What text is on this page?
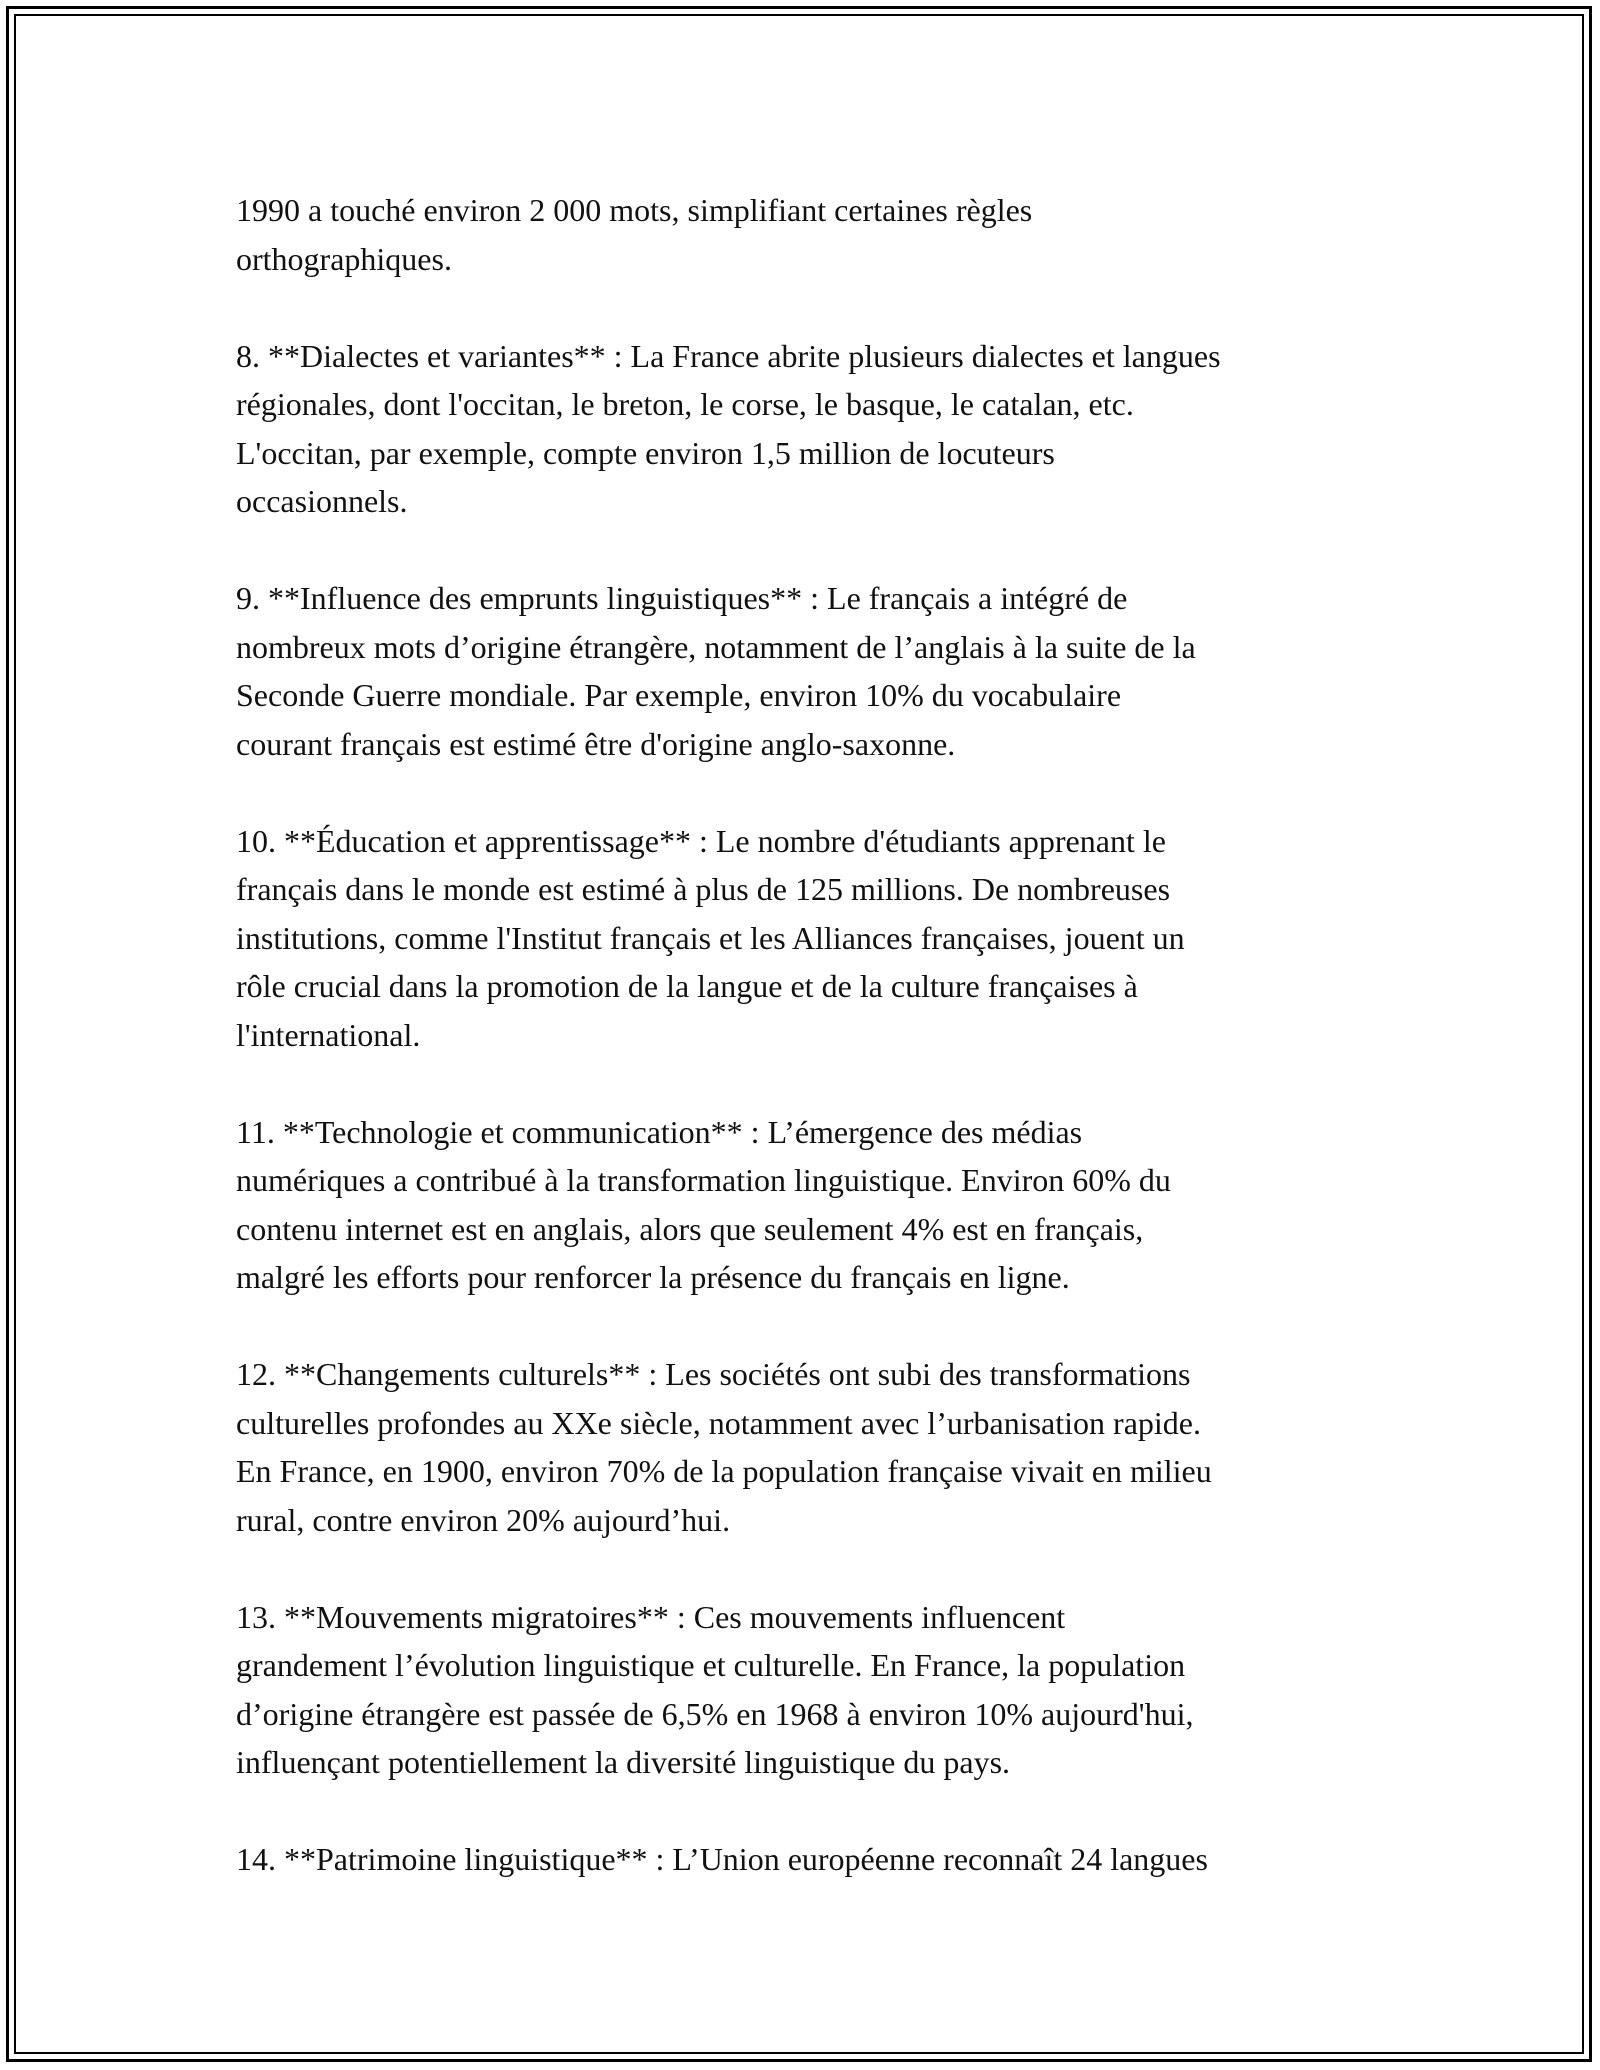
1990 a touché environ 2 000 mots, simplifiant certaines règles
orthographiques.

8. **Dialectes et variantes** : La France abrite plusieurs dialectes et langues
régionales, dont l'occitan, le breton, le corse, le basque, le catalan, etc.
L'occitan, par exemple, compte environ 1,5 million de locuteurs
occasionnels.

9. **Influence des emprunts linguistiques** : Le français a intégré de
nombreux mots d’origine étrangère, notamment de l’anglais à la suite de la
Seconde Guerre mondiale. Par exemple, environ 10% du vocabulaire
courant français est estimé être d'origine anglo-saxonne.

10. **Éducation et apprentissage** : Le nombre d'étudiants apprenant le
français dans le monde est estimé à plus de 125 millions. De nombreuses
institutions, comme l'Institut français et les Alliances françaises, jouent un
rôle crucial dans la promotion de la langue et de la culture françaises à
l'international.

11. **Technologie et communication** : L’émergence des médias
numériques a contribué à la transformation linguistique. Environ 60% du
contenu internet est en anglais, alors que seulement 4% est en français,
malgré les efforts pour renforcer la présence du français en ligne.

12. **Changements culturels** : Les sociétés ont subi des transformations
culturelles profondes au XXe siècle, notamment avec l’urbanisation rapide.
En France, en 1900, environ 70% de la population française vivait en milieu
rural, contre environ 20% aujourd’hui.

13. **Mouvements migratoires** : Ces mouvements influencent
grandement l’évolution linguistique et culturelle. En France, la population
d’origine étrangère est passée de 6,5% en 1968 à environ 10% aujourd'hui,
influençant potentiellement la diversité linguistique du pays.

14. **Patrimoine linguistique** : L’Union européenne reconnaît 24 langues
